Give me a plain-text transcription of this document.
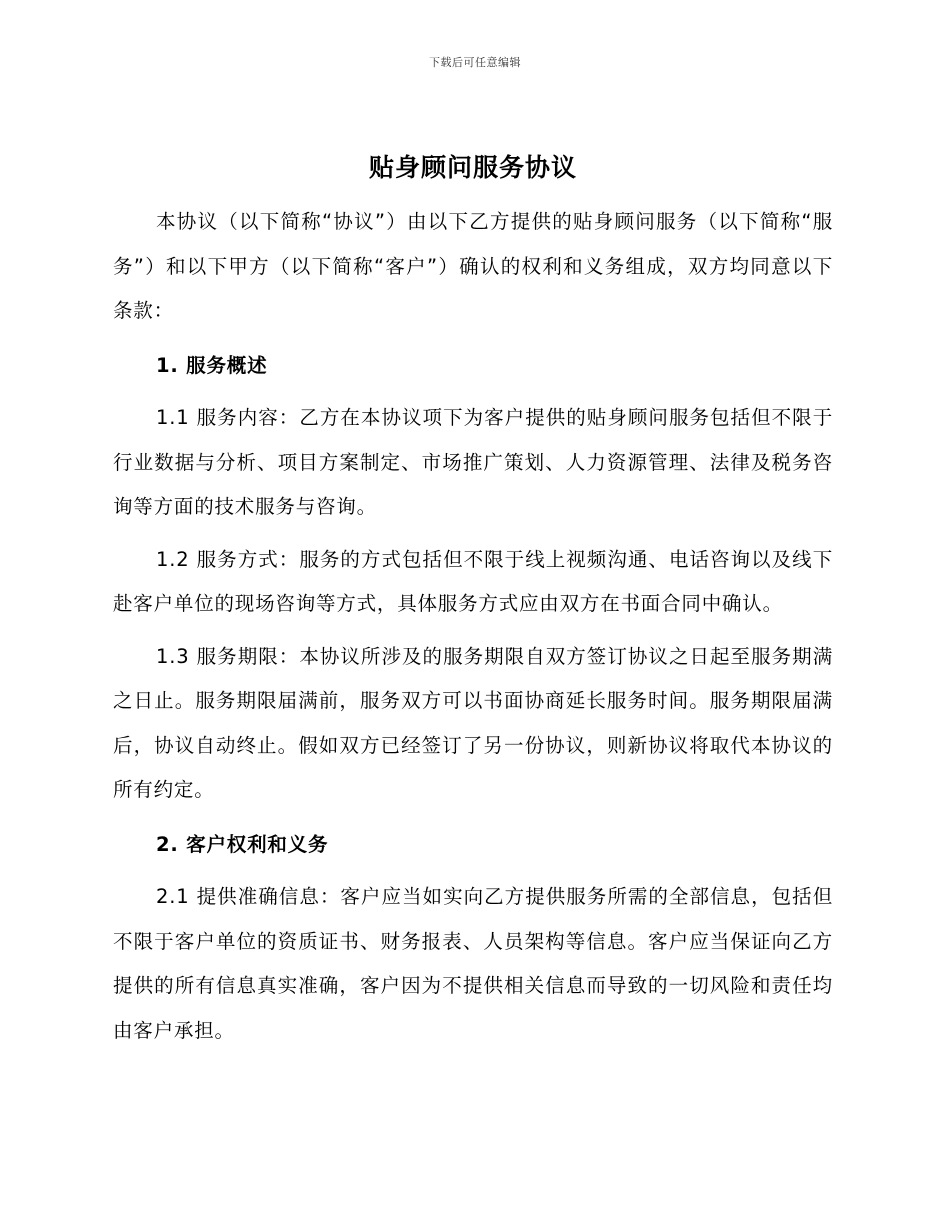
下载后可任意编辑
贴身顾问服务协议

本协议（以下简称“协议”）由以下乙方提供的贴身顾问服务（以下简称“服务”）和以下甲方（以下简称“客户”）确认的权利和义务组成，双方均同意以下条款：

1. 服务概述

1.1 服务内容：乙方在本协议项下为客户提供的贴身顾问服务包括但不限于行业数据与分析、项目方案制定、市场推广策划、人力资源管理、法律及税务咨询等方面的技术服务与咨询。

1.2 服务方式：服务的方式包括但不限于线上视频沟通、电话咨询以及线下赴客户单位的现场咨询等方式，具体服务方式应由双方在书面合同中确认。

1.3 服务期限：本协议所涉及的服务期限自双方签订协议之日起至服务期满之日止。服务期限届满前，服务双方可以书面协商延长服务时间。服务期限届满后，协议自动终止。假如双方已经签订了另一份协议，则新协议将取代本协议的所有约定。

2. 客户权利和义务

2.1 提供准确信息：客户应当如实向乙方提供服务所需的全部信息，包括但不限于客户单位的资质证书、财务报表、人员架构等信息。客户应当保证向乙方提供的所有信息真实准确，客户因为不提供相关信息而导致的一切风险和责任均由客户承担。
